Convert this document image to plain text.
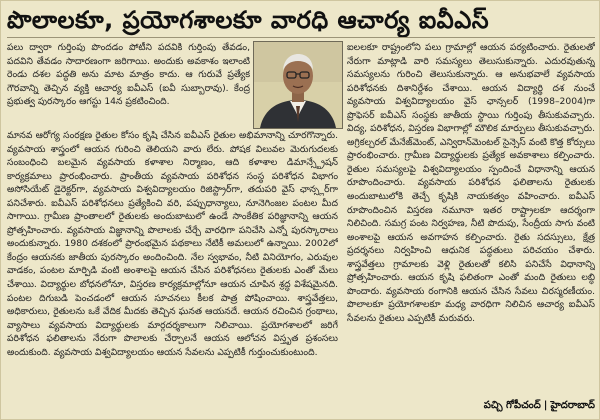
పొలాలకూ, ప్రయోగశాలకూ వారధి ఆచార్య ఐవీఎస్

పలు ద్వారా గుర్తింపు పొందడం పోటీని పదవికి గుర్తింపు తేవడం, పదవిని తేవడం సాదారణంగా జరిగాయి. అందుకు అవకాశం ఇలాంటి రెండు దశల పద్ధతి అను మాట మాత్రం కాదు. ఆ గురువే ప్రత్యేక గౌరవాన్ని తెచ్చిన వ్యక్తి ఆచార్య ఐవీఎస్‌ (ఐవీ సుబ్బారావు). కేంద్ర ప్రభుత్వ పురస్కారం ఆగస్టు 14న ప్రకటించింది.

మానవ ఆరోగ్య సంరక్షణ రైతుల కోసం కృషి చేసిన ఐవీఎస్‌ రైతుల అభిమానాన్ని చూరగొన్నారు. వ్యవసాయ శాస్త్రంలో ఆయన గురించి తెలియని వారు లేరు. పోషక విలువల మెరుగుదలకు సంబంధించి బలమైన వ్యవసాయ కళాశాల నిర్మాణం, ఆది కళాశాల డిమాన్స్ట్రేషన్ కార్యక్రమాలు ప్రారంభించారు. ప్రాంతీయ వ్యవసాయ పరిశోధన సంస్థ పరిశోధన విభాగం అసోసియేట్ డైరెక్టర్‌గా, వ్యవసాయ విశ్వవిద్యాలయం రిజిస్ట్రార్‌గా, తదుపరి వైస్ ఛాన్స్లర్‌గా పనిచేశారు. ఐవీఎస్‌ పరిశోధనలు ప్రత్యేకించి వరి, పప్పుధాన్యాలు, నూనెగింజల పంటల మీద సాగాయి. గ్రామీణ ప్రాంతాలలో రైతులకు అందుబాటులో ఉండే సాంకేతిక పరిజ్ఞానాన్ని ఆయన ప్రోత్సహించారు. వ్యవసాయ విజ్ఞానాన్ని పొలాలకు చేర్చే వారధిగా పనిచేసి ఎన్నో పురస్కారాలు అందుకున్నారు. 1980 దశకంలో ప్రారంభమైన పథకాలు నేటికీ అమలులో ఉన్నాయి. 2002లో కేంద్రం ఆయనకు జాతీయ పురస్కారం అందించింది. నేల స్వభావం, నీటి వినియోగం, ఎరువుల వాడకం, పంటల మార్పిడి వంటి అంశాలపై ఆయన చేసిన పరిశోధనలు రైతులకు ఎంతో మేలు చేశాయి. విద్యార్థుల బోధనలోనూ, విస్తరణ కార్యక్రమాల్లోనూ ఆయన చూపిన శ్రద్ధ విశేషమైనది. పంటల దిగుబడి పెంచడంలో ఆయన సూచనలు కీలక పాత్ర పోషించాయి. శాస్త్రవేత్తలు, అధికారులు, రైతులను ఒకే వేదిక మీదకు తెచ్చిన ఘనత ఆయనదే. ఆయన రచించిన గ్రంథాలు, వ్యాసాలు వ్యవసాయ విద్యార్థులకు మార్గదర్శకాలుగా నిలిచాయి. ప్రయోగశాలలో జరిగే పరిశోధన ఫలితాలను నేరుగా పొలాలకు చేర్చాలనే ఆయన ఆలోచన విస్తృత ప్రశంసలు అందుకుంది. వ్యవసాయ విశ్వవిద్యాలయం ఆయన సేవలను ఎప్పటికీ గుర్తుంచుకుంటుంది.

ఐలలకూ రాష్ట్రంలోని పలు గ్రామాల్లో ఆయన పర్యటించారు. రైతులతో నేరుగా మాట్లాడి వారి సమస్యలు తెలుసుకున్నారు. ఎదురవుతున్న సమస్యలను గురించి తెలుసుకున్నారు. ఆ అనుభవాలే వ్యవసాయ పరిశోధనకు దిశానిర్దేశం చేశాయి. ఆయన విద్యార్థి దశ నుంచే వ్యవసాయ విశ్వవిద్యాలయం వైస్ ఛాన్సలర్‌ (1998–2004)గా ప్రొఫెసర్‌ ఐవీఎస్‌ సంస్థకు జాతీయ స్థాయి గుర్తింపు తీసుకువచ్చారు. విద్య, పరిశోధన, విస్తరణ విభాగాల్లో మౌలిక మార్పులు తీసుకువచ్చారు. అగ్రికల్చరల్‌ మేనేజ్‌మెంట్‌, ఎన్విరాన్‌మెంటల్‌ సైన్సెస్‌ వంటి కొత్త కోర్సులు ప్రారంభించారు. గ్రామీణ విద్యార్థులకు ప్రత్యేక అవకాశాలు కల్పించారు. రైతుల సమస్యలపై విశ్వవిద్యాలయం స్పందించే విధానాన్ని ఆయన రూపొందించారు. వ్యవసాయ పరిశోధన ఫలితాలను రైతులకు అందుబాటులోకి తెచ్చే కృషికి నాయకత్వం వహించారు. ఐవీఎస్‌ రూపొందించిన విస్తరణ నమూనా ఇతర రాష్ట్రాలకూ ఆదర్శంగా నిలిచింది. సమగ్ర పంట నిర్వహణ, నీటి పొదుపు, సేంద్రీయ సాగు వంటి అంశాలపై ఆయన అవగాహన కల్పించారు. రైతు సదస్సులు, క్షేత్ర ప్రదర్శనలు నిర్వహించి ఆధునిక పద్ధతులు పరిచయం చేశారు. శాస్త్రవేత్తలు గ్రామాలకు వెళ్లి రైతులతో కలిసి పనిచేసే విధానాన్ని ప్రోత్సహించారు. ఆయన కృషి ఫలితంగా ఎంతో మంది రైతులు లబ్ధి పొందారు. వ్యవసాయ రంగానికి ఆయన చేసిన సేవలు చిరస్మరణీయం. పొలాలకూ ప్రయోగశాలకూ మధ్య వారధిగా నిలిచిన ఆచార్య ఐవీఎస్‌ సేవలను రైతులు ఎప్పటికీ మరువరు.

పచ్చి గోపీచంద్‌ | హైదరాబాద్‌
